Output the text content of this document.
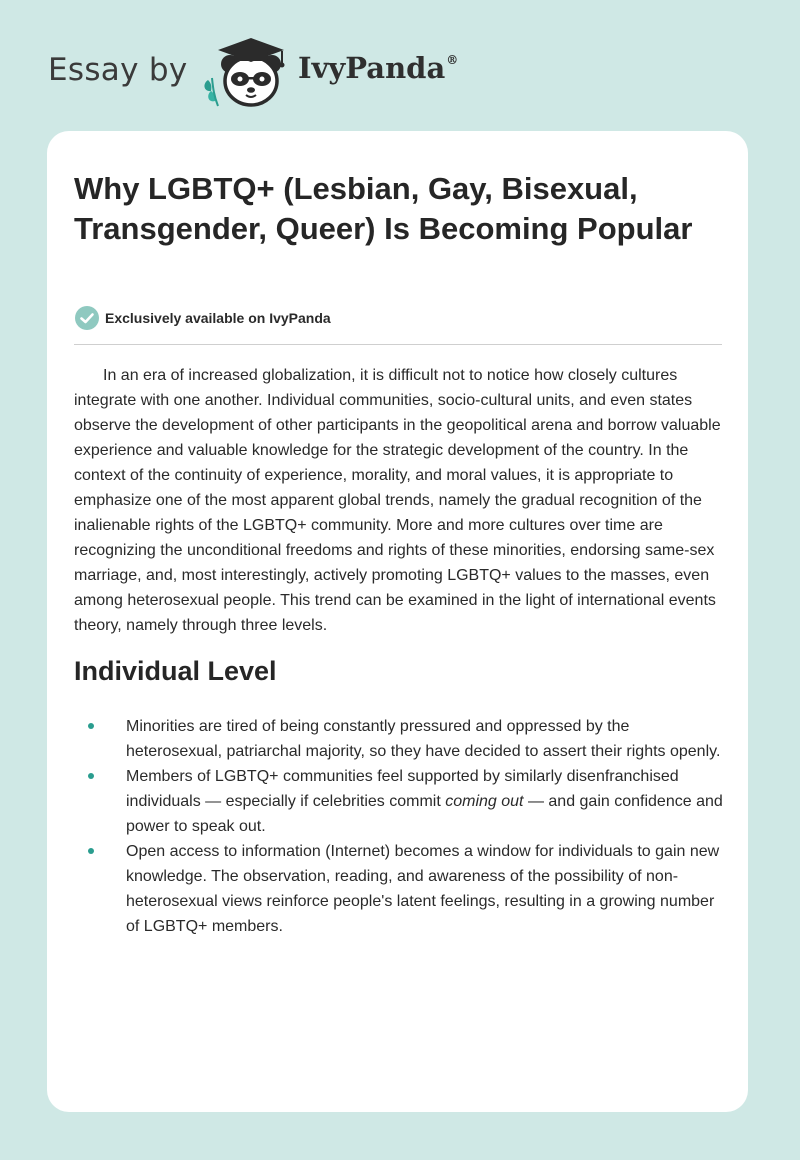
Essay by	IvyPanda®
Why LGBTQ+ (Lesbian, Gay, Bisexual, Transgender, Queer) Is Becoming Popular
Exclusively available on IvyPanda

In an era of increased globalization, it is difficult not to notice how closely cultures integrate with one another. Individual communities, socio-cultural units, and even states observe the development of other participants in the geopolitical arena and borrow valuable experience and valuable knowledge for the strategic development of the country. In the context of the continuity of experience, morality, and moral values, it is appropriate to emphasize one of the most apparent global trends, namely the gradual recognition of the inalienable rights of the LGBTQ+ community. More and more cultures over time are recognizing the unconditional freedoms and rights of these minorities, endorsing same-sex marriage, and, most interestingly, actively promoting LGBTQ+ values to the masses, even among heterosexual people. This trend can be examined in the light of international events theory, namely through three levels.

Individual Level
Minorities are tired of being constantly pressured and oppressed by the heterosexual, patriarchal majority, so they have decided to assert their rights openly.
Members of LGBTQ+ communities feel supported by similarly disenfranchised individuals — especially if celebrities commit coming out — and gain confidence and power to speak out.
Open access to information (Internet) becomes a window for individuals to gain new knowledge. The observation, reading, and awareness of the possibility of non-heterosexual views reinforce people's latent feelings, resulting in a growing number of LGBTQ+ members.
